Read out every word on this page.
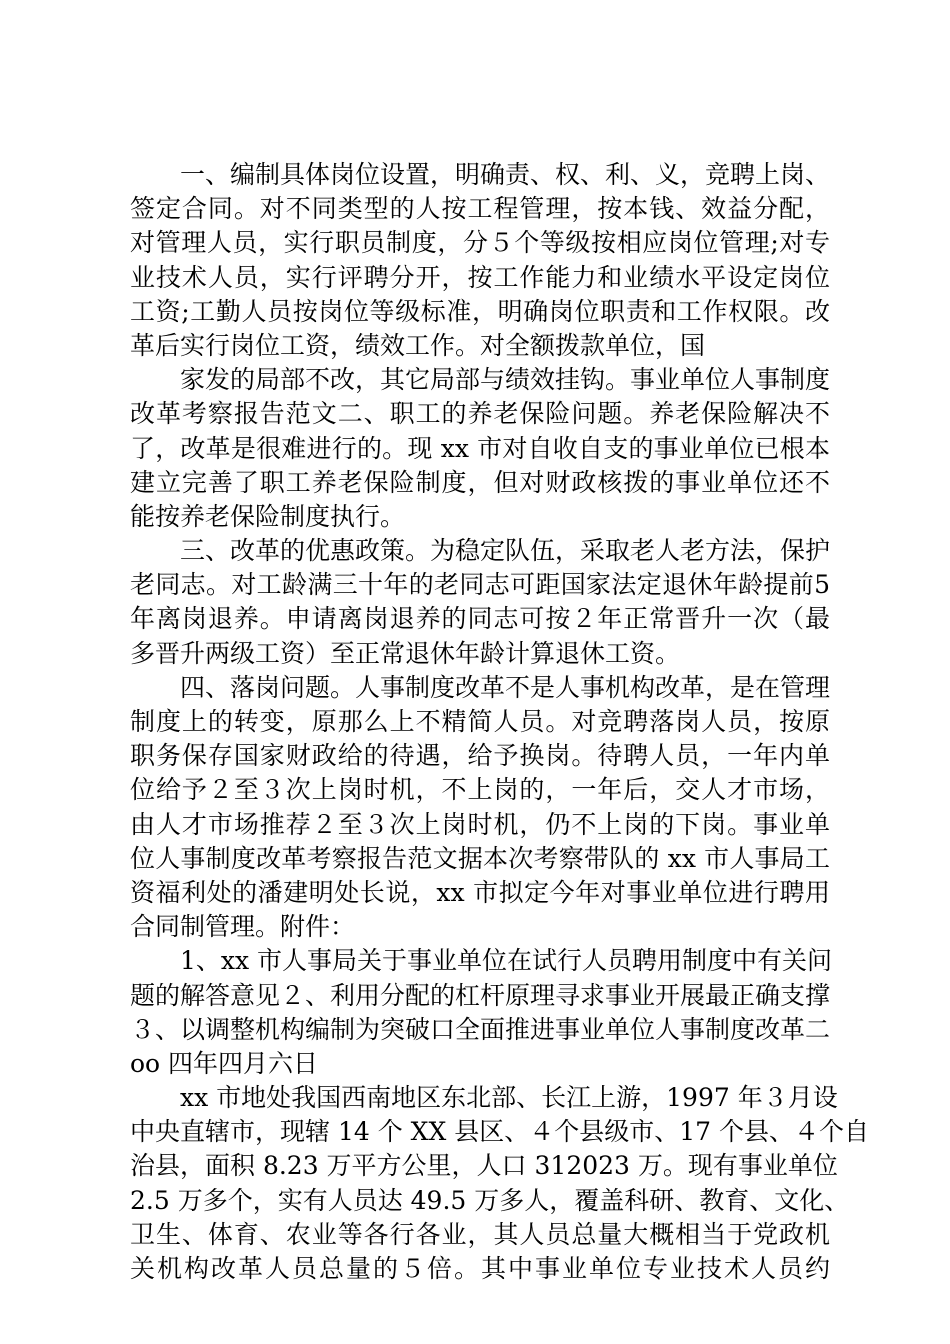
一、编制具体岗位设置，明确责、权、利、义，竞聘上岗、
签定合同。对不同类型的人按工程管理，按本钱、效益分配，
对管理人员，实行职员制度，分５个等级按相应岗位管理;对专
业技术人员，实行评聘分开，按工作能力和业绩水平设定岗位
工资;工勤人员按岗位等级标准，明确岗位职责和工作权限。改
革后实行岗位工资，绩效工作。对全额拨款单位，国
家发的局部不改，其它局部与绩效挂钩。事业单位人事制度
改革考察报告范文二、职工的养老保险问题。养老保险解决不
了，改革是很难进行的。现 xx 市对自收自支的事业单位已根本
建立完善了职工养老保险制度，但对财政核拨的事业单位还不
能按养老保险制度执行。
三、改革的优惠政策。为稳定队伍，采取老人老方法，保护
老同志。对工龄满三十年的老同志可距国家法定退休年龄提前5
年离岗退养。申请离岗退养的同志可按２年正常晋升一次（最
多晋升两级工资）至正常退休年龄计算退休工资。
四、落岗问题。人事制度改革不是人事机构改革，是在管理
制度上的转变，原那么上不精简人员。对竞聘落岗人员，按原
职务保存国家财政给的待遇，给予换岗。待聘人员，一年内单
位给予２至３次上岗时机，不上岗的，一年后，交人才市场，
由人才市场推荐２至３次上岗时机，仍不上岗的下岗。事业单
位人事制度改革考察报告范文据本次考察带队的 xx 市人事局工
资福利处的潘建明处长说，xx 市拟定今年对事业单位进行聘用
合同制管理。附件：
1、xx 市人事局关于事业单位在试行人员聘用制度中有关问
题的解答意见２、利用分配的杠杆原理寻求事业开展最正确支撑
３、以调整机构编制为突破口全面推进事业单位人事制度改革二
oo 四年四月六日
xx 市地处我国西南地区东北部、长江上游，1997 年３月设
中央直辖市，现辖 14 个 XX 县区、４个县级市、17 个县、４个自
治县，面积 8.23 万平方公里，人口 312023 万。现有事业单位
2.5 万多个，实有人员达 49.5 万多人，覆盖科研、教育、文化、
卫生、体育、农业等各行各业，其人员总量大概相当于党政机
关机构改革人员总量的５倍。其中事业单位专业技术人员约
